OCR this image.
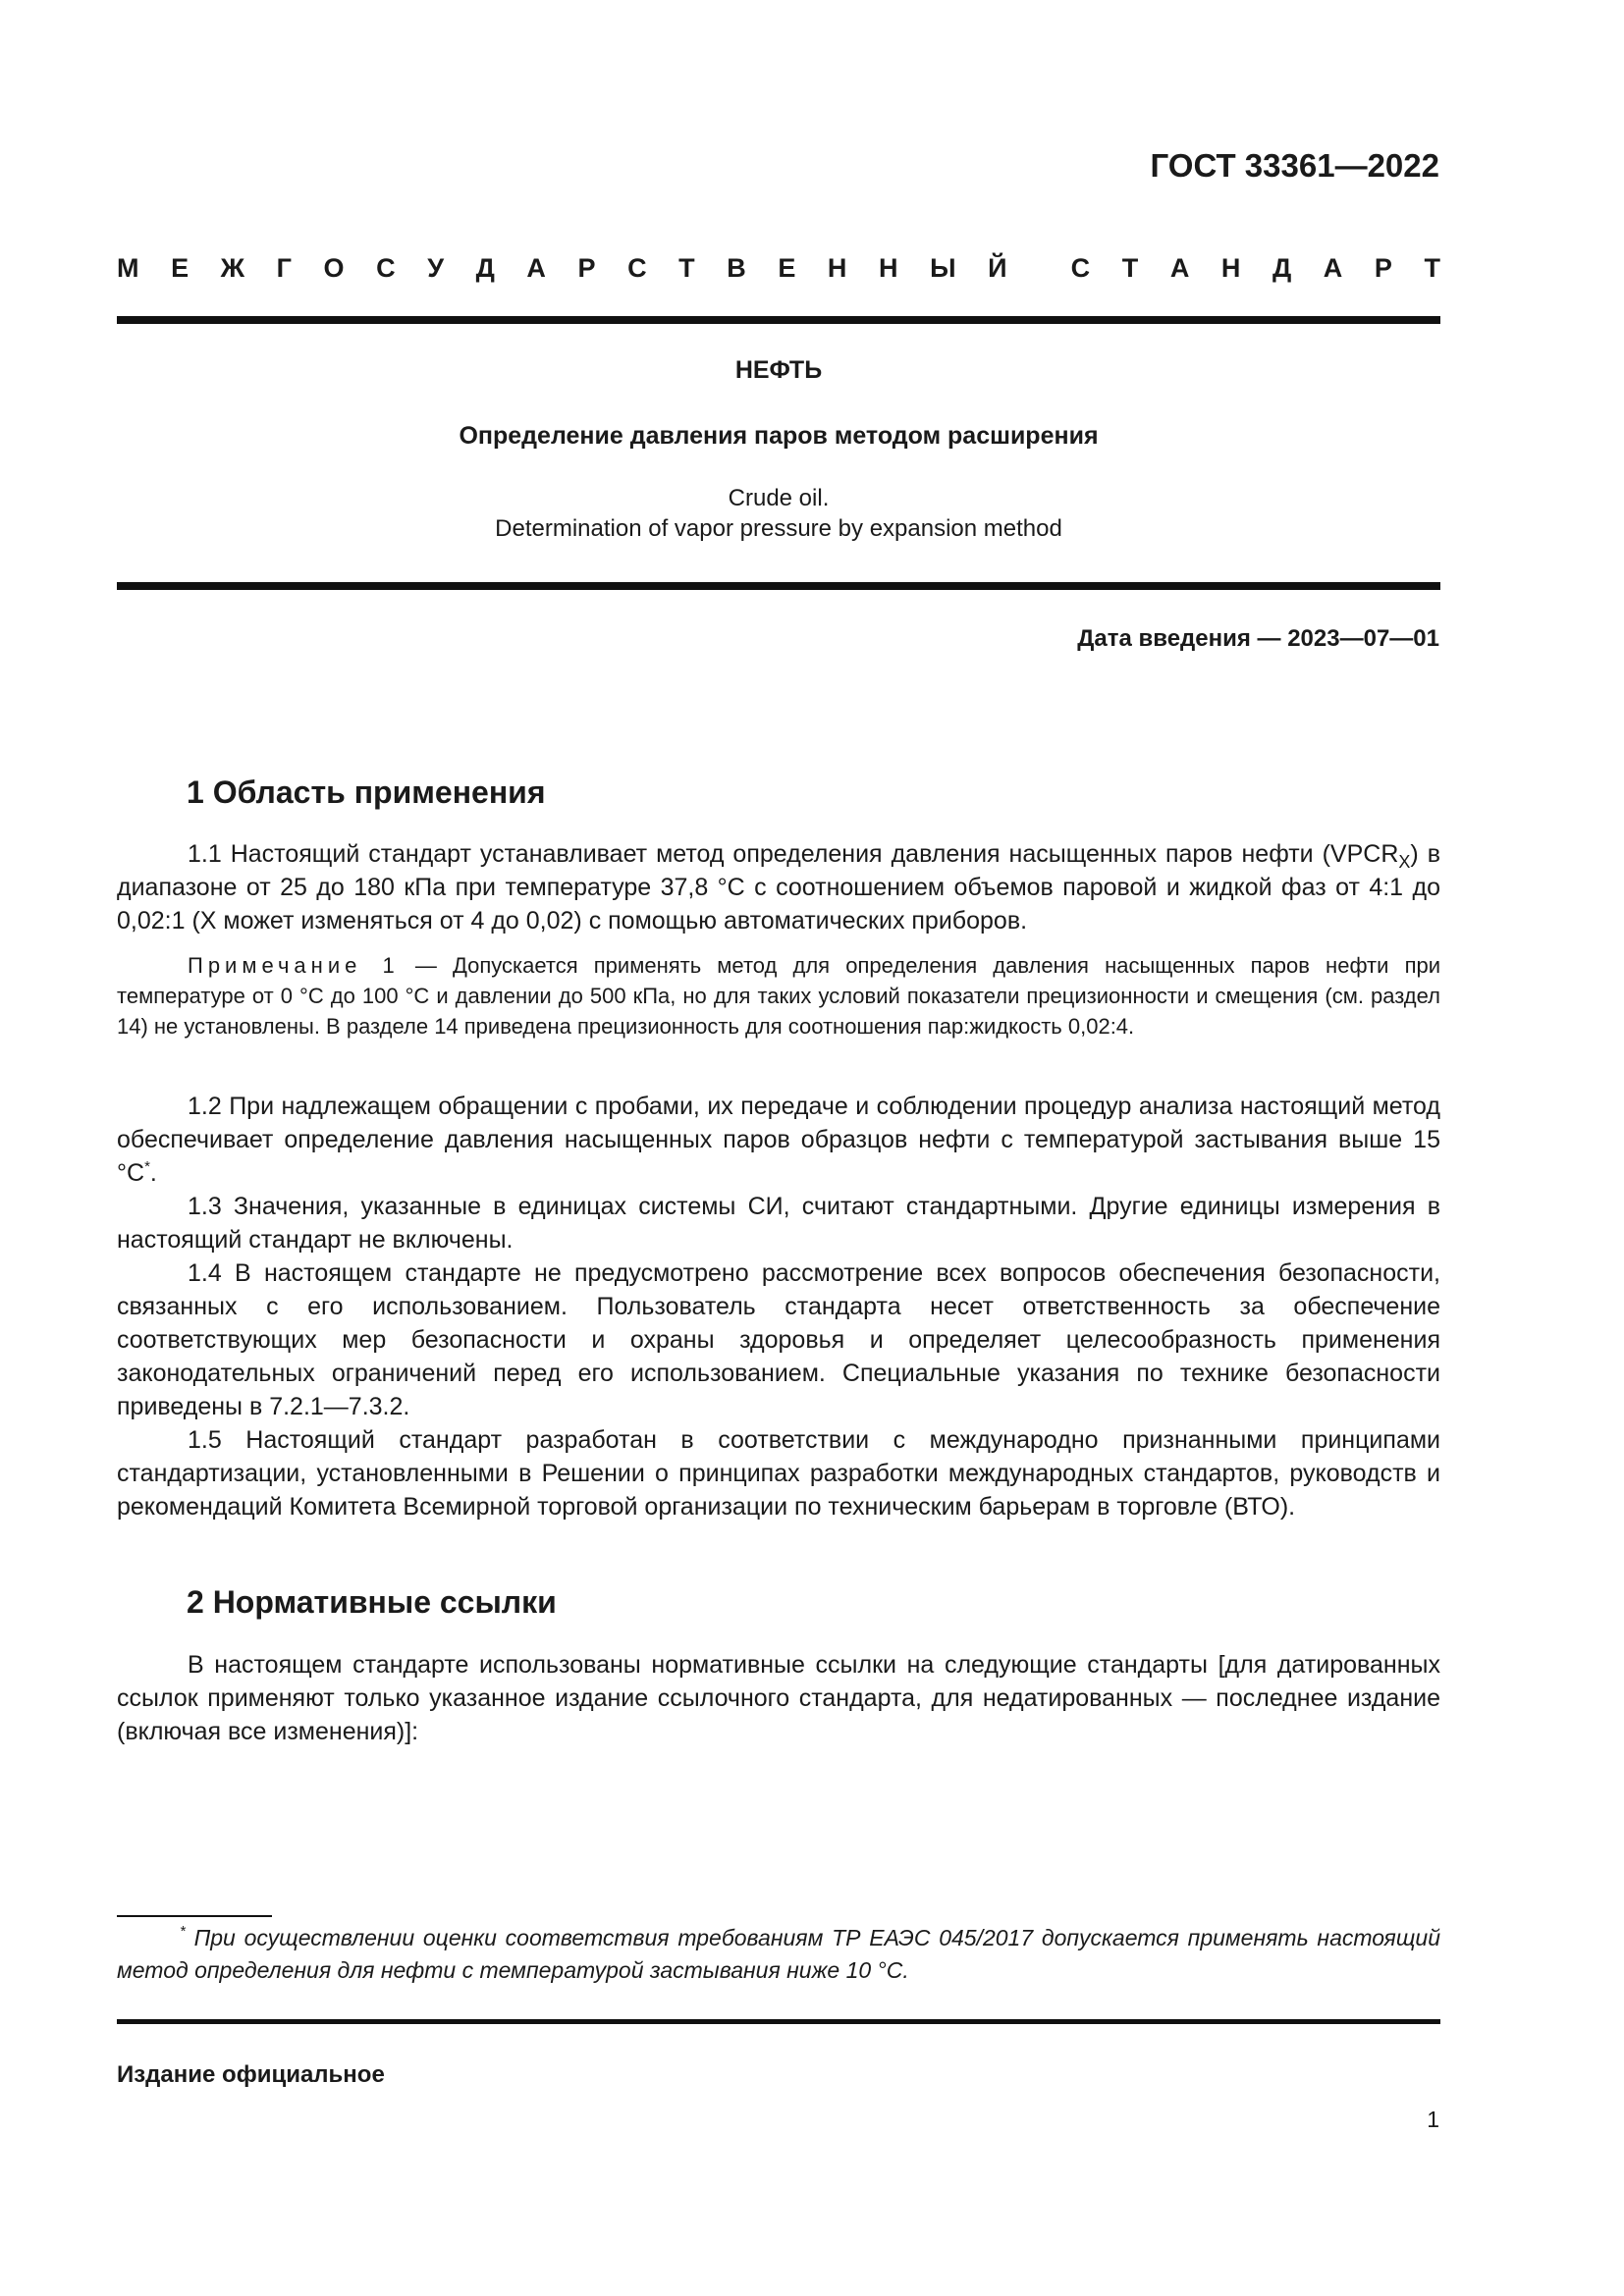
ГОСТ 33361—2022
М Е Ж Г О С У Д А Р С Т В Е Н Н Ы Й С Т А Н Д А Р Т
НЕФТЬ
Определение давления паров методом расширения
Crude oil.
Determination of vapor pressure by expansion method
Дата введения — 2023—07—01
1 Область применения

1.1 Настоящий стандарт устанавливает метод определения давления насыщенных паров нефти $(VPCR_X)$ в диапазоне от 25 до 180 кПа при температуре 37,8 °С с соотношением объемов паровой и жидкой фаз от 4:1 до 0,02:1 (X может изменяться от 4 до 0,02) с помощью автоматических приборов.

Примечание 1 — Допускается применять метод для определения давления насыщенных паров нефти при температуре от 0 °С до 100 °С и давлении до 500 кПа, но для таких условий показатели прецизионности и смещения (см. раздел 14) не установлены. В разделе 14 приведена прецизионность для соотношения пар:жидкость 0,02:4.

1.2 При надлежащем обращении с пробами, их передаче и соблюдении процедур анализа настоящий метод обеспечивает определение давления насыщенных паров образцов нефти с температурой застывания выше 15 °С*.

1.3 Значения, указанные в единицах системы СИ, считают стандартными. Другие единицы измерения в настоящий стандарт не включены.

1.4 В настоящем стандарте не предусмотрено рассмотрение всех вопросов обеспечения безопасности, связанных с его использованием. Пользователь стандарта несет ответственность за обеспечение соответствующих мер безопасности и охраны здоровья и определяет целесообразность применения законодательных ограничений перед его использованием. Специальные указания по технике безопасности приведены в 7.2.1—7.3.2.

1.5 Настоящий стандарт разработан в соответствии с международно признанными принципами стандартизации, установленными в Решении о принципах разработки международных стандартов, руководств и рекомендаций Комитета Всемирной торговой организации по техническим барьерам в торговле (ВТО).

2 Нормативные ссылки

В настоящем стандарте использованы нормативные ссылки на следующие стандарты [для датированных ссылок применяют только указанное издание ссылочного стандарта, для недатированных — последнее издание (включая все изменения)]:

* При осуществлении оценки соответствия требованиям ТР ЕАЭС 045/2017 допускается применять настоящий метод определения для нефти с температурой застывания ниже 10 °С.
Издание официальное
1
